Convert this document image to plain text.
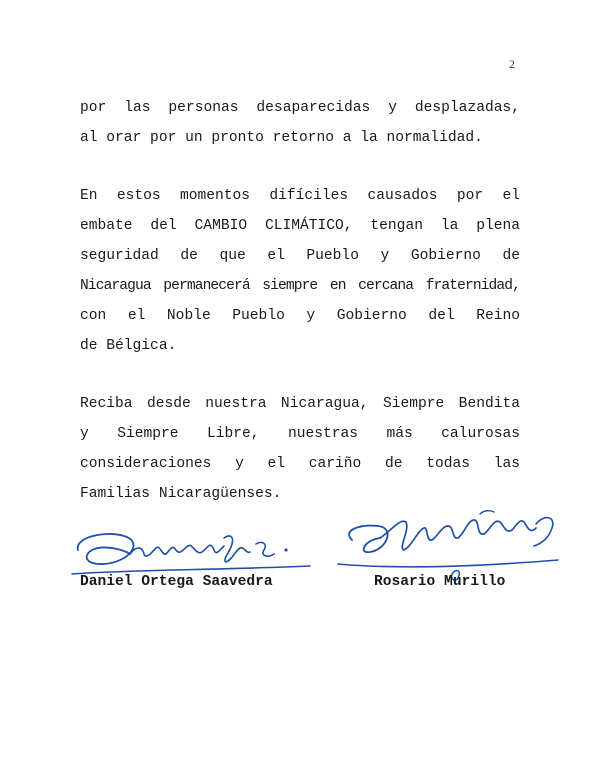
2

por las personas desaparecidas y desplazadas,
al orar por un pronto retorno a la normalidad.

En estos momentos difíciles causados por el
embate del CAMBIO CLIMÁTICO, tengan la plena
seguridad de que el Pueblo y Gobierno de
Nicaragua permanecerá siempre en cercana fraternidad,
con el Noble Pueblo y Gobierno del Reino
de Bélgica.

Reciba desde nuestra Nicaragua, Siempre Bendita
y Siempre Libre, nuestras más calurosas
consideraciones y el cariño de todas las
Familias Nicaragüenses.

Daniel Ortega Saavedra	Rosario Murillo
